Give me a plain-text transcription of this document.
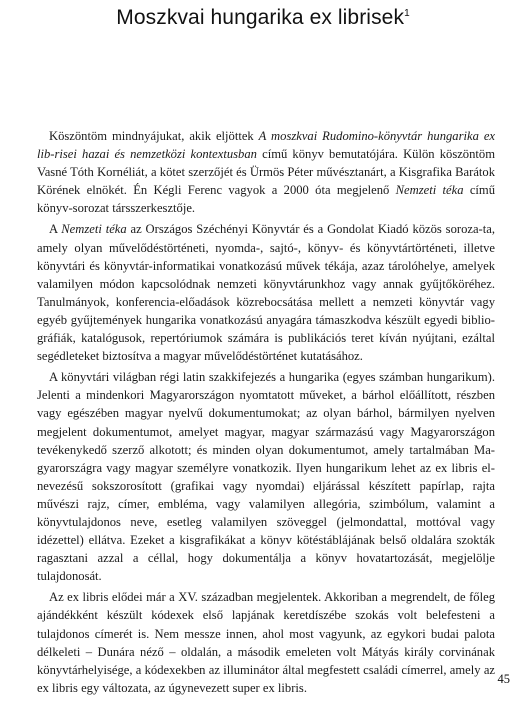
Moszkvai hungarika ex librisek$^1$

Köszöntöm mindnyájukat, akik eljöttek A moszkvai Rudomino-könyvtár hungarika ex lib-risei hazai és nemzetközi kontextusban című könyv bemutatójára. Külön köszöntöm Vasné Tóth Kornéliát, a kötet szerzőjét és Ürmös Péter művésztanárt, a Kisgrafika Barátok Körének elnökét. Én Kégli Ferenc vagyok a 2000 óta megjelenő Nemzeti téka című könyv-sorozat társszerkesztője.

A Nemzeti téka az Országos Széchényi Könyvtár és a Gondolat Kiadó közös soroza-ta, amely olyan művelődéstörténeti, nyomda-, sajtó-, könyv- és könyvtártörténeti, illetve könyvtári és könyvtár-informatikai vonatkozású művek tékája, azaz tárolóhelye, amelyek valamilyen módon kapcsolódnak nemzeti könyvtárunkhoz vagy annak gyűjtőköréhez. Tanulmányok, konferencia-előadások közrebocsátása mellett a nemzeti könyvtár vagy egyéb gyűjtemények hungarika vonatkozású anyagára támaszkodva készült egyedi biblio-gráfiák, katalógusok, repertóriumok számára is publikációs teret kíván nyújtani, ezáltal segédleteket biztosítva a magyar művelődéstörténet kutatásához.

A könyvtári világban régi latin szakkifejezés a hungarika (egyes számban hungarikum). Jelenti a mindenkori Magyarországon nyomtatott műveket, a bárhol előállított, részben vagy egészében magyar nyelvű dokumentumokat; az olyan bárhol, bármilyen nyelven megjelent dokumentumot, amelyet magyar, magyar származású vagy Magyarországon tevékenykedő szerző alkotott; és minden olyan dokumentumot, amely tartalmában Ma-gyarországra vagy magyar személyre vonatkozik. Ilyen hungarikum lehet az ex libris el-nevezésű sokszorosított (grafikai vagy nyomdai) eljárással készített papírlap, rajta művészi rajz, címer, embléma, vagy valamilyen allegória, szimbólum, valamint a könyvtulajdonos neve, esetleg valamilyen szöveggel (jelmondattal, mottóval vagy idézettel) ellátva. Ezeket a kisgrafikákat a könyv kötéstáblájának belső oldalára szokták ragasztani azzal a céllal, hogy dokumentálja a könyv hovatartozását, megjelölje tulajdonosát.

Az ex libris elődei már a XV. században megjelentek. Akkoriban a megrendelt, de főleg ajándékként készült kódexek első lapjának keretdíszébe szokás volt belefesteni a tulajdonos címerét is. Nem messze innen, ahol most vagyunk, az egykori budai palota délkeleti – Dunára néző – oldalán, a második emeleten volt Mátyás király corvinának könyvtárhelyisége, a kódexekben az illuminátor által megfestett családi címerrel, amely az ex libris egy változata, az úgynevezett super ex libris.

45
